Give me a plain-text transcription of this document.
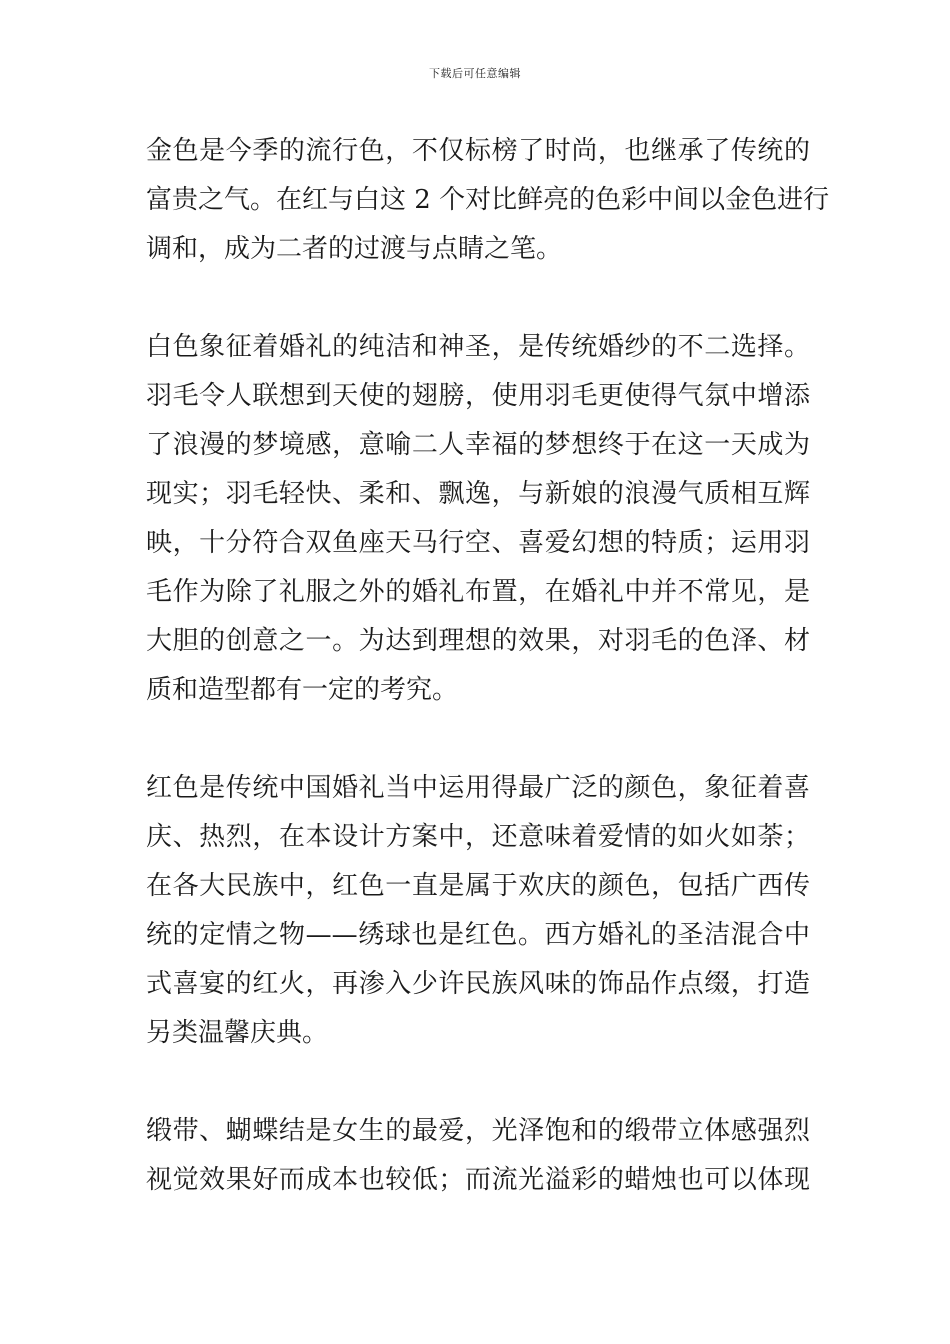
下载后可任意编辑
金色是今季的流行色，不仅标榜了时尚，也继承了传统的
富贵之气。在红与白这 2 个对比鲜亮的色彩中间以金色进行
调和，成为二者的过渡与点睛之笔。
白色象征着婚礼的纯洁和神圣，是传统婚纱的不二选择。
羽毛令人联想到天使的翅膀，使用羽毛更使得气氛中增添
了浪漫的梦境感，意喻二人幸福的梦想终于在这一天成为
现实；羽毛轻快、柔和、飘逸，与新娘的浪漫气质相互辉
映，十分符合双鱼座天马行空、喜爱幻想的特质；运用羽
毛作为除了礼服之外的婚礼布置，在婚礼中并不常见，是
大胆的创意之一。为达到理想的效果，对羽毛的色泽、材
质和造型都有一定的考究。
红色是传统中国婚礼当中运用得最广泛的颜色，象征着喜
庆、热烈，在本设计方案中，还意味着爱情的如火如荼；
在各大民族中，红色一直是属于欢庆的颜色，包括广西传
统的定情之物——绣球也是红色。西方婚礼的圣洁混合中
式喜宴的红火，再渗入少许民族风味的饰品作点缀，打造
另类温馨庆典。
缎带、蝴蝶结是女生的最爱，光泽饱和的缎带立体感强烈
视觉效果好而成本也较低；而流光溢彩的蜡烛也可以体现
